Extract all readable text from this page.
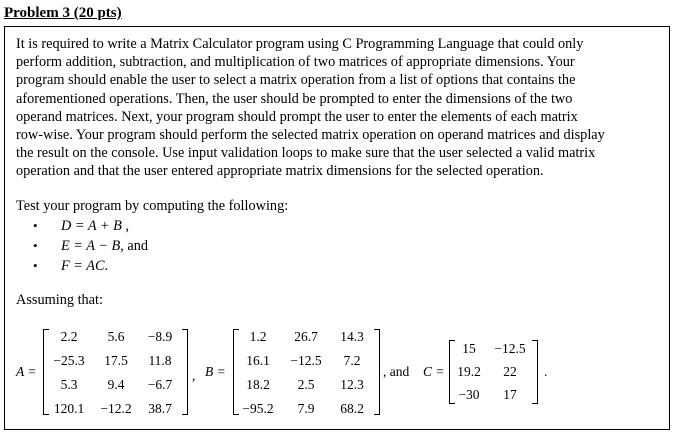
Problem 3 (20 pts)

It is required to write a Matrix Calculator program using C Programming Language that could only
perform addition, subtraction, and multiplication of two matrices of appropriate dimensions. Your
program should enable the user to select a matrix operation from a list of options that contains the
aforementioned operations. Then, the user should be prompted to enter the dimensions of the two
operand matrices. Next, your program should prompt the user to enter the elements of each matrix
row-wise. Your program should perform the selected matrix operation on operand matrices and display
the result on the console. Use input validation loops to make sure that the user selected a valid matrix
operation and that the user entered appropriate matrix dimensions for the selected operation.

Test your program by computing the following:

• D = A + B ,
• E = A − B, and
• F = AC.

Assuming that:

A =
2.2	5.6	−8.9
−25.3	17.5	11.8
5.3	9.4	−6.7
120.1	−12.2	38.7
, B =
1.2	26.7	14.3
16.1	−12.5	7.2
18.2	2.5	12.3
−95.2	7.9	68.2
, and C =
15	−12.5
19.2	22
−30	17
.
